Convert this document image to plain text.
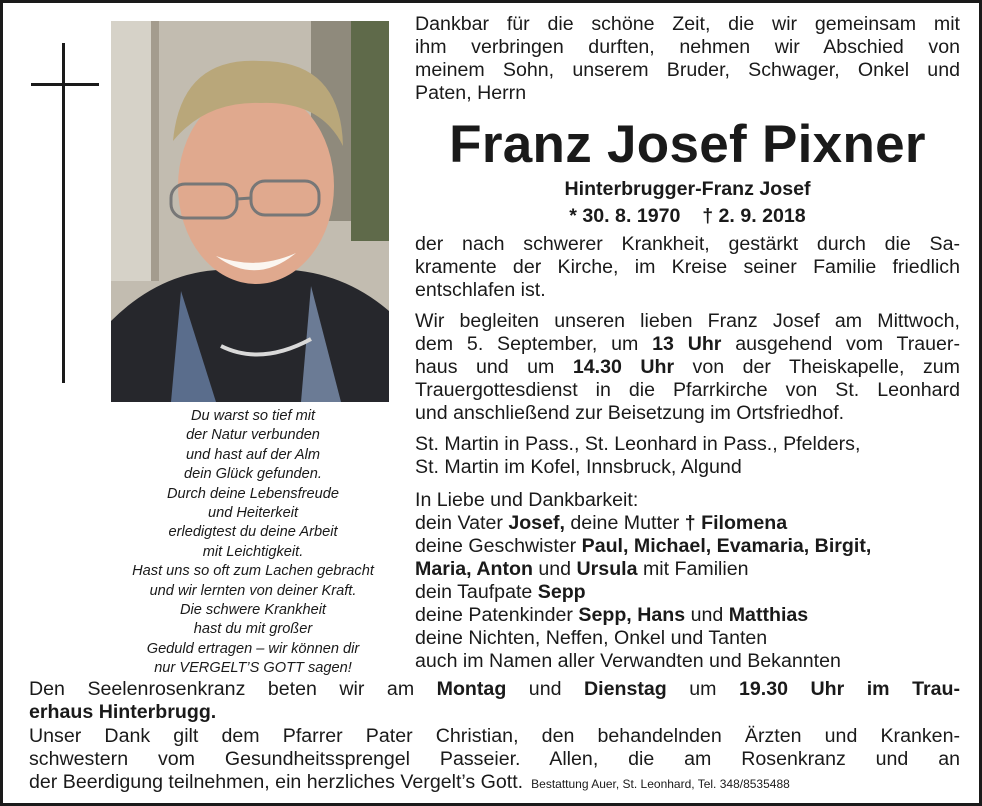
Du warst so tief mit
der Natur verbunden
und hast auf der Alm
dein Glück gefunden.
Durch deine Lebensfreude
und Heiterkeit
erledigtest du deine Arbeit
mit Leichtigkeit.
Hast uns so oft zum Lachen gebracht
und wir lernten von deiner Kraft.
Die schwere Krankheit
hast du mit großer
Geduld ertragen – wir können dir
nur VERGELT’S GOTT sagen!
Dankbar für die schöne Zeit, die wir gemeinsam mit
ihm verbringen durften, nehmen wir Abschied von
meinem Sohn, unserem Bruder, Schwager, Onkel und
Paten, Herrn
Franz Josef Pixner
Hinterbrugger-Franz Josef
* 30. 8. 1970    † 2. 9. 2018
der nach schwerer Krankheit, gestärkt durch die Sa-
kramente der Kirche, im Kreise seiner Familie friedlich
entschlafen ist.
Wir begleiten unseren lieben Franz Josef am Mittwoch,
dem 5. September, um 13 Uhr ausgehend vom Trauer-
haus und um 14.30 Uhr von der Theiskapelle, zum
Trauergottesdienst in die Pfarrkirche von St. Leonhard
und anschließend zur Beisetzung im Ortsfriedhof.
St. Martin in Pass., St. Leonhard in Pass., Pfelders,
St. Martin im Kofel, Innsbruck, Algund
In Liebe und Dankbarkeit:
dein Vater Josef, deine Mutter † Filomena
deine Geschwister Paul, Michael, Evamaria, Birgit,
Maria, Anton und Ursula mit Familien
dein Taufpate Sepp
deine Patenkinder Sepp, Hans und Matthias
deine Nichten, Neffen, Onkel und Tanten
auch im Namen aller Verwandten und Bekannten
Den Seelenrosenkranz beten wir am Montag und Dienstag um 19.30 Uhr im Trau-
erhaus Hinterbrugg.
Unser Dank gilt dem Pfarrer Pater Christian, den behandelnden Ärzten und Kranken-
schwestern vom Gesundheitssprengel Passeier. Allen, die am Rosenkranz und an
der Beerdigung teilnehmen, ein herzliches Vergelt’s Gott. Bestattung Auer, St. Leonhard, Tel. 348/8535488
